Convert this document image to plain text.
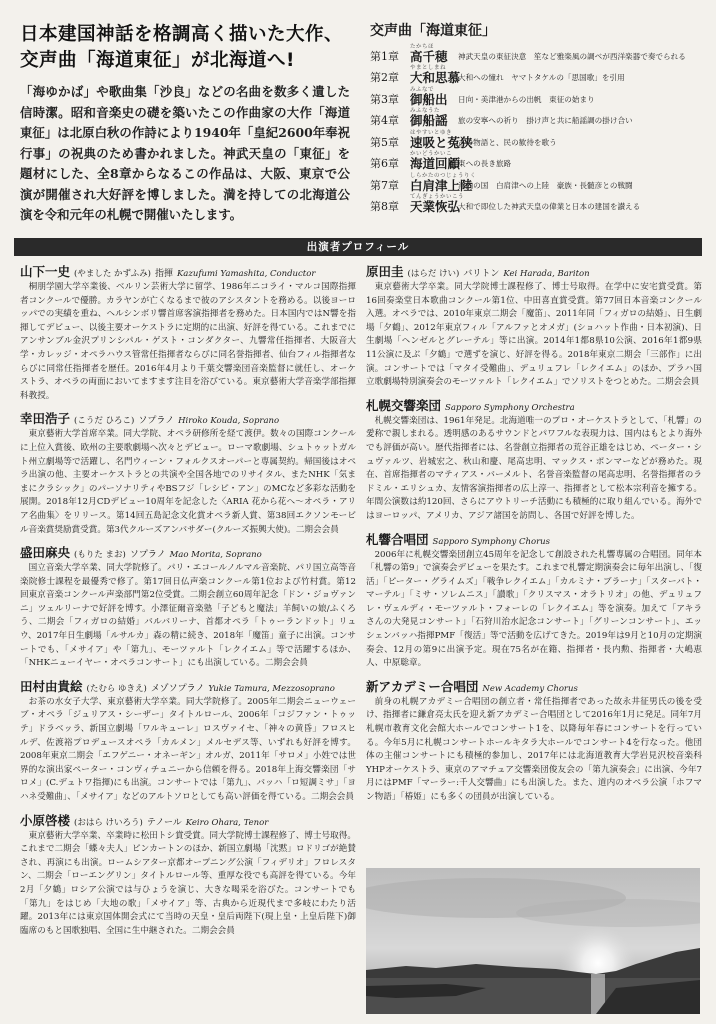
日本建国神話を格調高く描いた大作、
交声曲「海道東征」が北海道へ!

「海ゆかば」や歌曲集「沙良」などの名曲を数多く遺した信時潔。昭和音楽史の礎を築いたこの作曲家の大作「海道東征」は北原白秋の作詩により1940年「皇紀2600年奉祝行事」の祝典のため書かれました。神武天皇の「東征」を題材にした、全8章からなるこの作品は、大阪、東京で公演が開催され大好評を博しました。満を持しての北海道公演を令和元年の札幌で開催いたします。

交声曲「海道東征」
第1章
たかちほ
高千穂 神武天皇の東征決意　笙など雅楽風の調べが西洋楽器で奏でられる
第2章
やまとしまね
大和思慕
大和への憧れ　ヤマトタケルの「思国歌」を引用
第3章
みふなで
御船出 日向・美津港からの出帆　東征の始まり
第4章
みふなうた
御船謡 旅の安寧への祈り　掛け声と共に船謡調の掛け合い
第5章
はやすいとゆき
速吸と菟狭
古の物語と、民の歓待を歌う
第6章
かいどうかいこ
海道回顧
東への長き旅路
第7章
しらかたのつじょうりく
白肩津上陸
河内の国　白肩津への上陸　豪族・長髄彦との戦闘
第8章
てんぎょうかいこう
天業恢弘
大和で即位した神武天皇の偉業と日本の建国を讃える
出演者プロフィール
山下一史 (やました かずふみ) 指揮 Kazufumi Yamashita, Conductor

桐朋学園大学卒業後、ベルリン芸術大学に留学、1986年ニコライ・マルコ国際指揮者コンクールで優勝。カラヤンが亡くなるまで彼のアシスタントを務める。以後ヨーロッパでの実績を重ね、ヘルシンボリ響首席客演指揮者を務めた。日本国内ではN響を指揮してデビュー、以後主要オーケストラに定期的に出演、好評を得ている。これまでにアンサンブル金沢プリンシパル・ゲスト・コンダクター、九響常任指揮者、大阪音大学・カレッジ・オペラハウス管常任指揮者ならびに同名誉指揮者、仙台フィル指揮者ならびに同常任指揮者を歴任。2016年4月より千葉交響楽団音楽監督に就任し、オーケストラ、オペラの両面においてますます注目を浴びている。東京藝術大学音楽学部指揮科教授。

幸田浩子 (こうだ ひろこ) ソプラノ Hiroko Kouda, Soprano

東京藝術大学首席卒業。同大学院、オペラ研修所を経て渡伊。数々の国際コンクールに上位入賞後、欧州の主要歌劇場へ次々とデビュー。ローマ歌劇場、シュトゥットガルト州立劇場等で活躍し、名門ウィーン・フォルクスオーパーと専属契約。帰国後はオペラ出演の他、主要オーケストラとの共演や全国各地でのリサイタル、またNHK「気ままにクラシック」のパーソナリティやBSフジ「レシピ・アン」のMCなど多彩な活動を展開。2018年12月CDデビュー10周年を記念した〈ARIA 花から花へ〜オペラ・アリア名曲集〉をリリース。第14回五島記念文化賞オペラ新人賞、第38回エクソンモービル音楽賞奨励賞受賞。第3代クルーズアンバサダー(クルーズ振興大使)。二期会会員

盛田麻央 (もりた まお) ソプラノ Mao Morita, Soprano

国立音楽大学卒業、同大学院修了。パリ・エコールノルマル音楽院、パリ国立高等音楽院修士課程を最優秀で修了。第17回日仏声楽コンクール第1位および竹村賞。第12回東京音楽コンクール声楽部門第2位受賞。二期会創立60周年記念「ドン・ジョヴァンニ」ツェルリーナで好評を博す。小澤征爾音楽塾「子どもと魔法」羊飼いの娘/ふくろう、二期会「フィガロの結婚」バルバリーナ、首都オペラ「トゥーランドット」リュウ、2017年日生劇場「ルサルカ」森の精に続き、2018年「魔笛」童子に出演。コンサートでも、「メサイア」や「第九」、モーツァルト「レクイエム」等で活躍するほか、「NHKニューイヤー・オペラコンサート」にも出演している。二期会会員

田村由貴絵 (たむら ゆきえ) メゾソプラノ Yukie Tamura, Mezzosoprano

お茶の水女子大学、東京藝術大学卒業。同大学院修了。2005年二期会ニューウェーブ・オペラ「ジュリアス・シーザー」タイトルロール、2006年「コジファン・トゥッテ」ドラベッラ、新国立劇場「ワルキューレ」ロスヴァイセ、「神々の黄昏」フロスヒルデ、佐渡裕プロデュースオペラ「カルメン」メルセデス等、いずれも好評を博す。2008年東京二期会「エフゲニー・オネーギン」オルガ、2011年「サロメ」小姓では世界的な演出家ペーター・コンヴィチュニーから信頼を得る。2018年上海交響楽団「サロメ」(C.デュトワ指揮)にも出演。コンサートでは「第九」、バッハ「ロ短調ミサ」「ヨハネ受難曲」、「メサイア」などのアルトソロとしても高い評価を得ている。二期会会員

小原啓楼 (おはら けいろう) テノール Keiro Ohara, Tenor

東京藝術大学卒業、卒業時に松田トシ賞受賞。同大学院博士課程修了、博士号取得。これまで二期会「蝶々夫人」ピンカートンのほか、新国立劇場「沈黙」ロドリゴが絶賛され、再演にも出演。ロームシアター京都オープニング公演「フィデリオ」フロレスタン、二期会「ローエングリン」タイトルロール等、重厚な役でも高評を得ている。今年2月「夕鶴」ロシア公演では与ひょうを演じ、大きな喝采を浴びた。コンサートでも「第九」をはじめ「大地の歌」「メサイア」等、古典から近現代まで多岐にわたり活躍。2013年には東京国体開会式にて当時の天皇・皇后両陛下(現上皇・上皇后陛下)御臨席のもと国歌独唱、全国に生中継された。二期会会員

原田圭 (はらだ けい) バリトン Kei Harada, Bariton

東京藝術大学卒業。同大学院博士課程修了、博士号取得。在学中に安宅賞受賞。第16回奏楽堂日本歌曲コンクール第1位、中田喜直賞受賞。第77回日本音楽コンクール入選。オペラでは、2010年東京二期会「魔笛」、2011年同「フィガロの結婚」、日生劇場「夕鶴」、2012年東京フィル「アルファとオメガ」(ショハット作曲・日本初演)、日生劇場「ヘンゼルとグレーテル」等に出演。2014年1都8県10公演、2016年1都9県11公演に及ぶ「夕鶴」で選ずを演じ、好評を得る。2018年東京二期会「三部作」に出演。コンサートでは「マタイ受難曲」、デュリュフレ「レクイエム」のほか、プラハ国立歌劇場特別演奏会のモーツァルト「レクイエム」でソリストをつとめた。二期会会員

札幌交響楽団 Sapporo Symphony Orchestra

札幌交響楽団は、1961年発足。北海道唯一のプロ・オーケストラとして、「札響」の愛称で親しまれる。透明感のあるサウンドとパワフルな表現力は、国内はもとより海外でも評価が高い。歴代指揮者には、名誉創立指揮者の荒谷正雄をはじめ、ペーター・シュヴァルツ、岩城宏之、秋山和慶、尾高忠明、マックス・ポンマーなどが務めた。現在、首席指揮者のマティアス・バーメルト、名誉音楽監督の尾高忠明、名誉指揮者のラドミル・エリシュカ、友情客演指揮者の広上淳一、指揮者として松本宗利音を擁する。年間公演数は約120回、さらにアウトリーチ活動にも積極的に取り組んでいる。海外ではヨーロッパ、アメリカ、アジア諸国を訪問し、各国で好評を博した。

札響合唱団 Sapporo Symphony Chorus

2006年に札幌交響楽団創立45周年を記念して創設された札響専属の合唱団。同年本「札響の第9」で演奏会デビューを果たす。これまで札響定期演奏会に毎年出演し、「復活」「ピーター・グライムズ」「戦争レクイエム」「カルミナ・ブラーナ」「スターバト・マーテル」「ミサ・ソレムニス」「讃歌」「クリスマス・オラトリオ」の他、デュリュフレ・ヴェルディ・モーツァルト・フォーレの「レクイエム」等を演奏。加えて「アキラさんの大発見コンサート」「石狩川治水記念コンサート」「グリーンコンサート」、エッシェンバッハ指揮PMF「復活」等で活動を広げてきた。2019年は9月と10月の定期演奏会、12月の第9に出演予定。現在75名が在籍、指揮者・長内勲、指揮者・大嶋恵人、中原聡章。

新アカデミー合唱団 New Academy Chorus

前身の札幌アカデミー合唱団の創立者・常任指揮者であった故永井征男氏の後を受け、指揮者に鎌倉亮太氏を迎え新アカデミー合唱団として2016年1月に発足。同年7月札幌市教育文化会館大ホールでコンサート1を、以降毎年春にコンサートを行っている。今年5月に札幌コンサートホールキタラ大ホールでコンサート4を行なった。他団体の主催コンサートにも積極的参加し、2017年には北海道教育大学岩見沢校音楽科YHPオーケストラ、東京のアマチュア交響楽団俊友会の「第九演奏会」に出演、今年7月にはPMF「マーラー:千人交響曲」にも出演した。また、道内のオペラ公演「ホフマン物語」「椿姫」にも多くの団員が出演している。
